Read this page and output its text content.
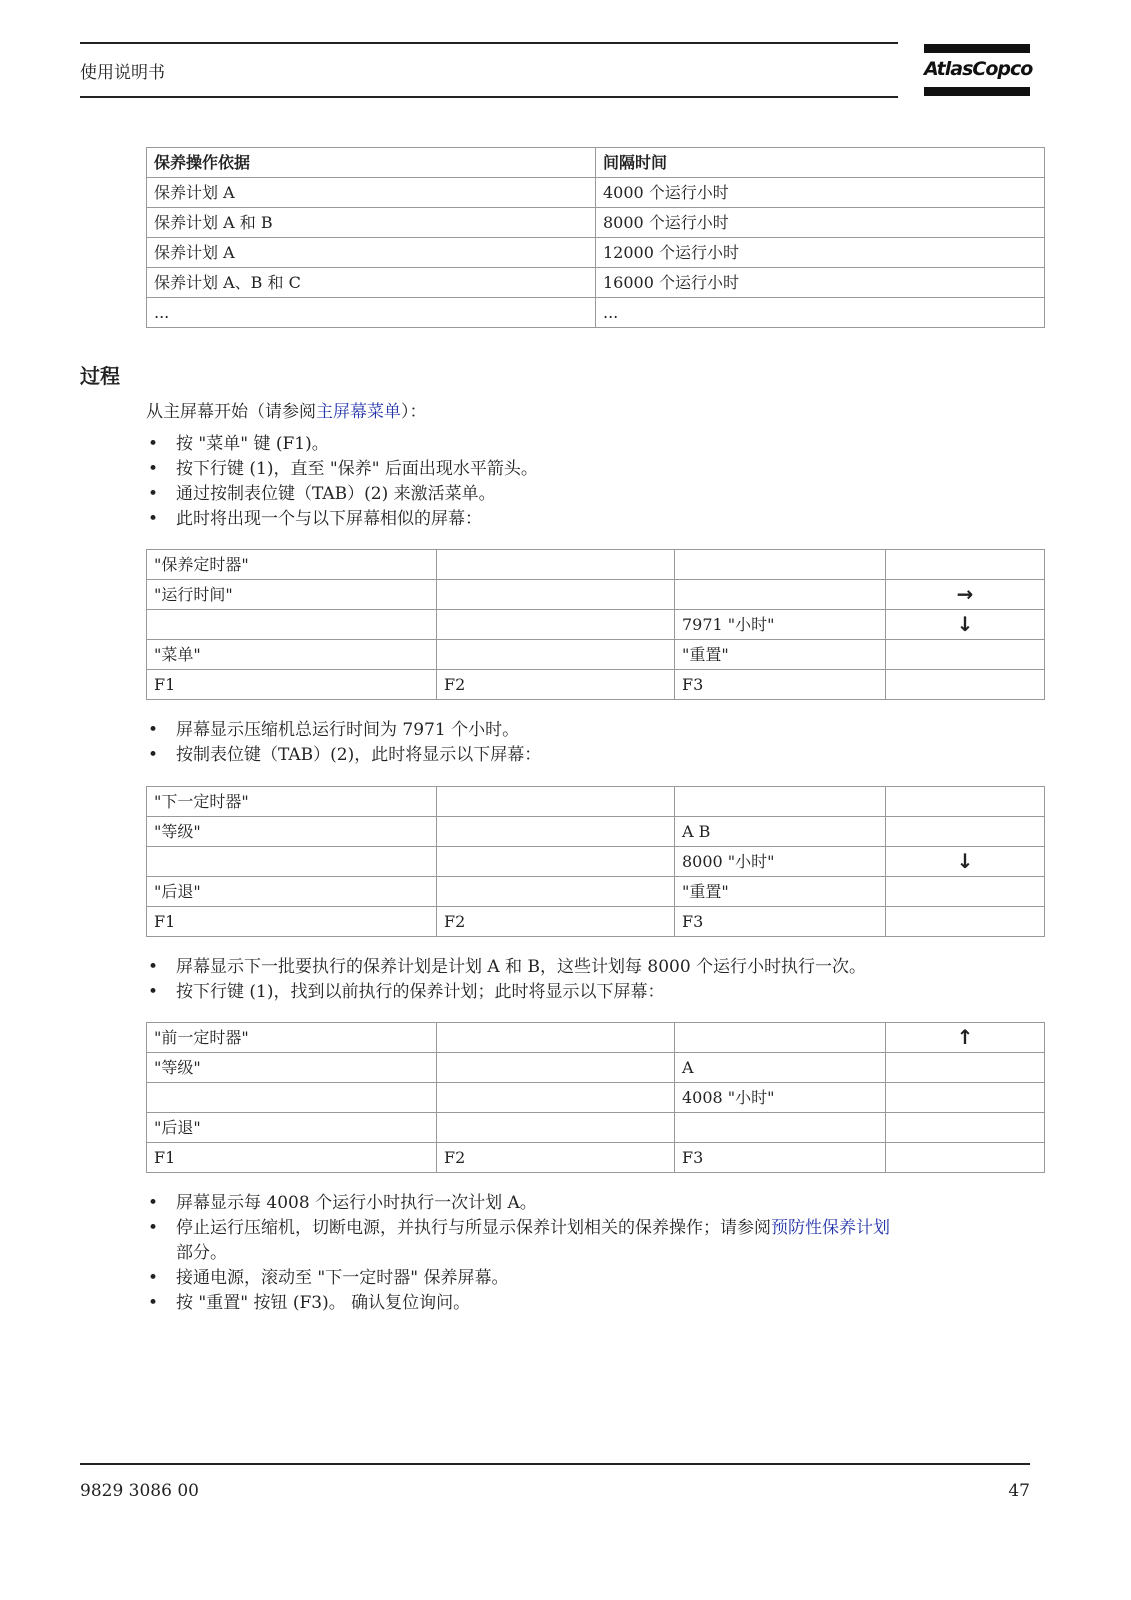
使用说明书	AtlasCopco
保养操作依据	间隔时间
保养计划 A	4000 个运行小时
保养计划 A 和 B	8000 个运行小时
保养计划 A	12000 个运行小时
保养计划 A、B 和 C	16000 个运行小时
...	...
过程
从主屏幕开始（请参阅主屏幕菜单）：
• 按 "菜单" 键 (F1)。
• 按下行键 (1)，直至 "保养" 后面出现水平箭头。
• 通过按制表位键（TAB）(2) 来激活菜单。
• 此时将出现一个与以下屏幕相似的屏幕：
"保养定时器"			
"运行时间"			→
		7971 "小时"	↓
"菜单"		"重置"	
F1	F2	F3	
• 屏幕显示压缩机总运行时间为 7971 个小时。
• 按制表位键（TAB）(2)，此时将显示以下屏幕：
"下一定时器"			
"等级"		A B	
		8000 "小时"	↓
"后退"		"重置"	
F1	F2	F3	
• 屏幕显示下一批要执行的保养计划是计划 A 和 B，这些计划每 8000 个运行小时执行一次。
• 按下行键 (1)，找到以前执行的保养计划；此时将显示以下屏幕：
"前一定时器"			↑
"等级"		A	
		4008 "小时"	
"后退"			
F1	F2	F3	
• 屏幕显示每 4008 个运行小时执行一次计划 A。
• 停止运行压缩机，切断电源，并执行与所显示保养计划相关的保养操作；请参阅预防性保养计划
部分。
• 接通电源，滚动至 "下一定时器" 保养屏幕。
• 按 "重置" 按钮 (F3)。 确认复位询问。
9829 3086 00	47
